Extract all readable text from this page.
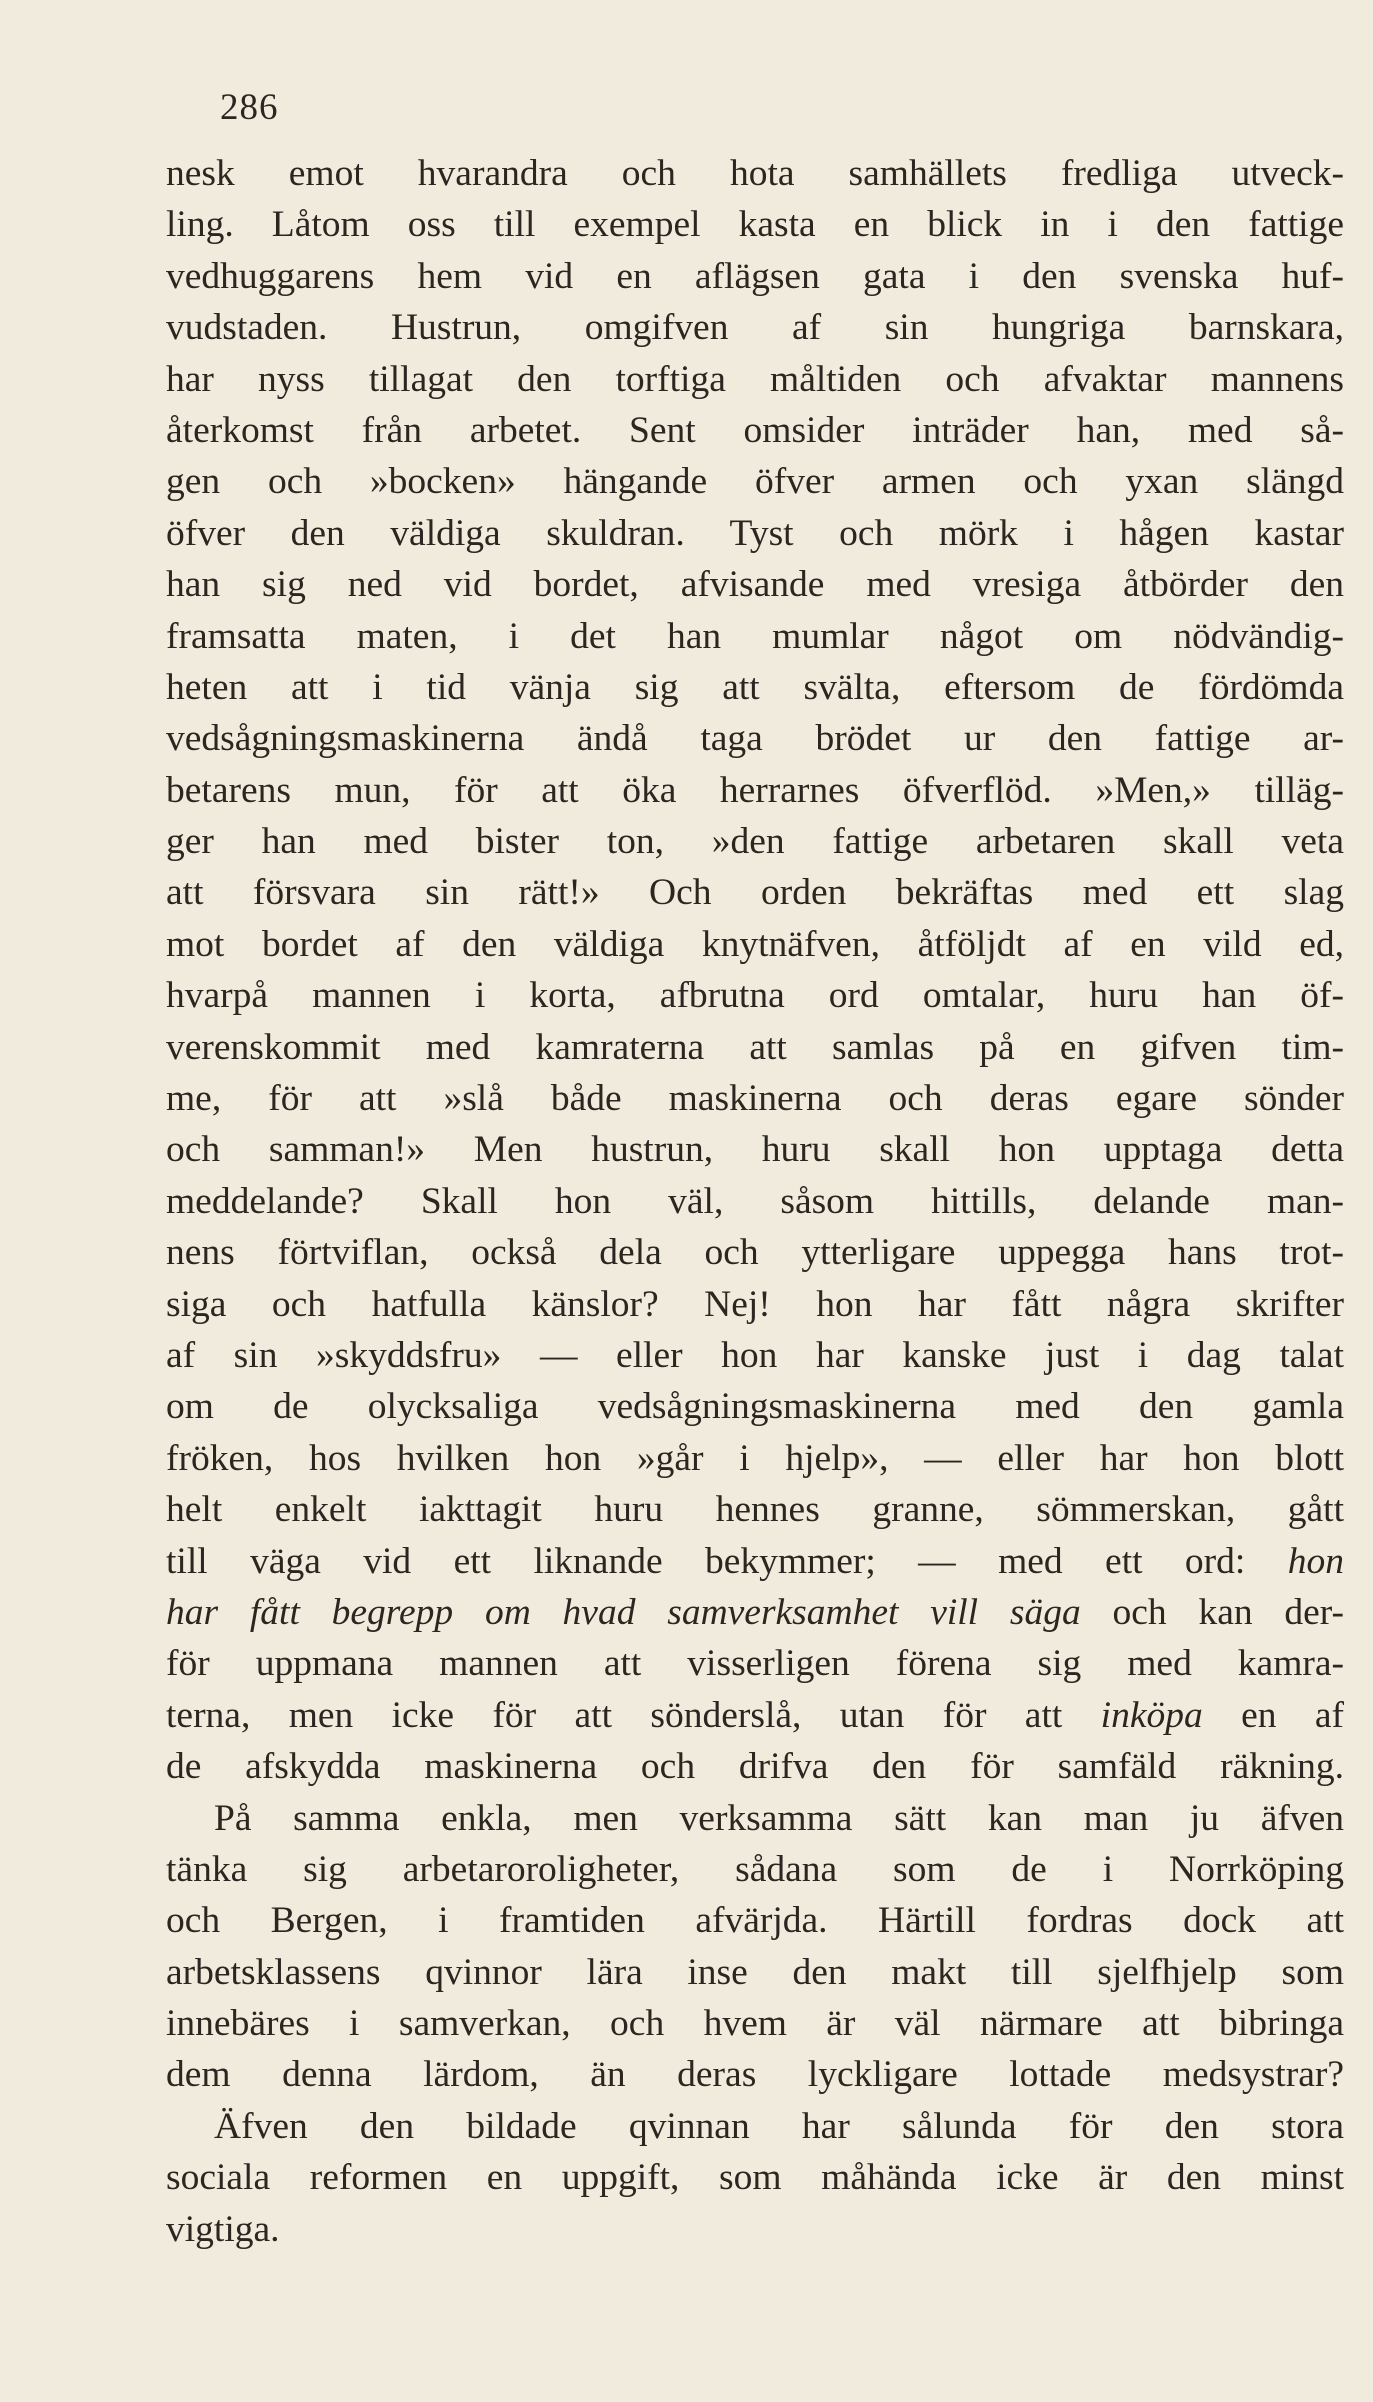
286
nesk emot hvarandra och hota samhällets fredliga utveck-
ling. Låtom oss till exempel kasta en blick in i den fattige
vedhuggarens hem vid en aflägsen gata i den svenska huf-
vudstaden. Hustrun, omgifven af sin hungriga barnskara,
har nyss tillagat den torftiga måltiden och afvaktar mannens
återkomst från arbetet. Sent omsider inträder han, med så-
gen och »bocken» hängande öfver armen och yxan slängd
öfver den väldiga skuldran. Tyst och mörk i hågen kastar
han sig ned vid bordet, afvisande med vresiga åtbörder den
framsatta maten, i det han mumlar något om nödvändig-
heten att i tid vänja sig att svälta, eftersom de fördömda
vedsågningsmaskinerna ändå taga brödet ur den fattige ar-
betarens mun, för att öka herrarnes öfverflöd. »Men,» tilläg-
ger han med bister ton, »den fattige arbetaren skall veta
att försvara sin rätt!» Och orden bekräftas med ett slag
mot bordet af den väldiga knytnäfven, åtföljdt af en vild ed,
hvarpå mannen i korta, afbrutna ord omtalar, huru han öf-
verenskommit med kamraterna att samlas på en gifven tim-
me, för att »slå både maskinerna och deras egare sönder
och samman!» Men hustrun, huru skall hon upptaga detta
meddelande? Skall hon väl, såsom hittills, delande man-
nens förtviflan, också dela och ytterligare uppegga hans trot-
siga och hatfulla känslor? Nej! hon har fått några skrifter
af sin »skyddsfru» — eller hon har kanske just i dag talat
om de olycksaliga vedsågningsmaskinerna med den gamla
fröken, hos hvilken hon »går i hjelp», — eller har hon blott
helt enkelt iakttagit huru hennes granne, sömmerskan, gått
till väga vid ett liknande bekymmer; — med ett ord: hon
har fått begrepp om hvad samverksamhet vill säga och kan der-
för uppmana mannen att visserligen förena sig med kamra-
terna, men icke för att sönderslå, utan för att inköpa en af
de afskydda maskinerna och drifva den för samfäld räkning.
På samma enkla, men verksamma sätt kan man ju äfven
tänka sig arbetaroroligheter, sådana som de i Norrköping
och Bergen, i framtiden afvärjda. Härtill fordras dock att
arbetsklassens qvinnor lära inse den makt till sjelfhjelp som
innebäres i samverkan, och hvem är väl närmare att bibringa
dem denna lärdom, än deras lyckligare lottade medsystrar?
Äfven den bildade qvinnan har sålunda för den stora
sociala reformen en uppgift, som måhända icke är den minst
vigtiga.
